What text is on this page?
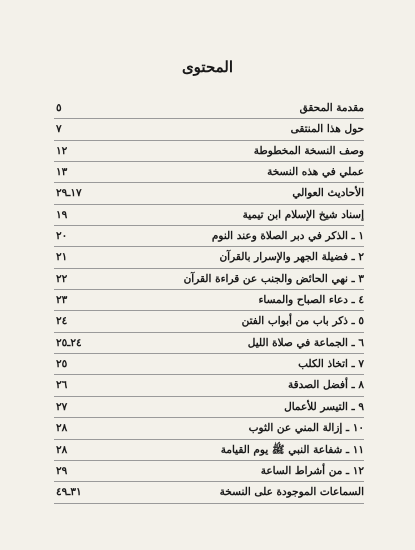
المحتوى
مقدمة المحقق
٥
حول هذا المنتقى
٧
وصف النسخة المخطوطة
١٢
عملي في هذه النسخة
١٣
الأحاديث العوالي
١٧ـ٢٩
إسناد شيخ الإسلام ابن تيمية
١٩
١ ـ الذكر في دبر الصلاة وعند النوم
٢٠
٢ ـ فضيلة الجهر والإسرار بالقرآن
٢١
٣ ـ نهي الحائض والجنب عن قراءة القرآن
٢٢
٤ ـ دعاء الصباح والمساء
٢٣
٥ ـ ذكر باب من أبواب الفتن
٢٤
٦ ـ الجماعة في صلاة الليل
٢٤ـ٢٥
٧ ـ اتخاذ الكلب
٢٥
٨ ـ أفضل الصدقة
٢٦
٩ ـ التيسر للأعمال
٢٧
١٠ ـ إزالة المني عن الثوب
٢٨
١١ ـ شفاعة النبي ﷺ يوم القيامة
٢٨
١٢ ـ من أشراط الساعة
٢٩
السماعات الموجودة على النسخة
٣١ـ٤٩
